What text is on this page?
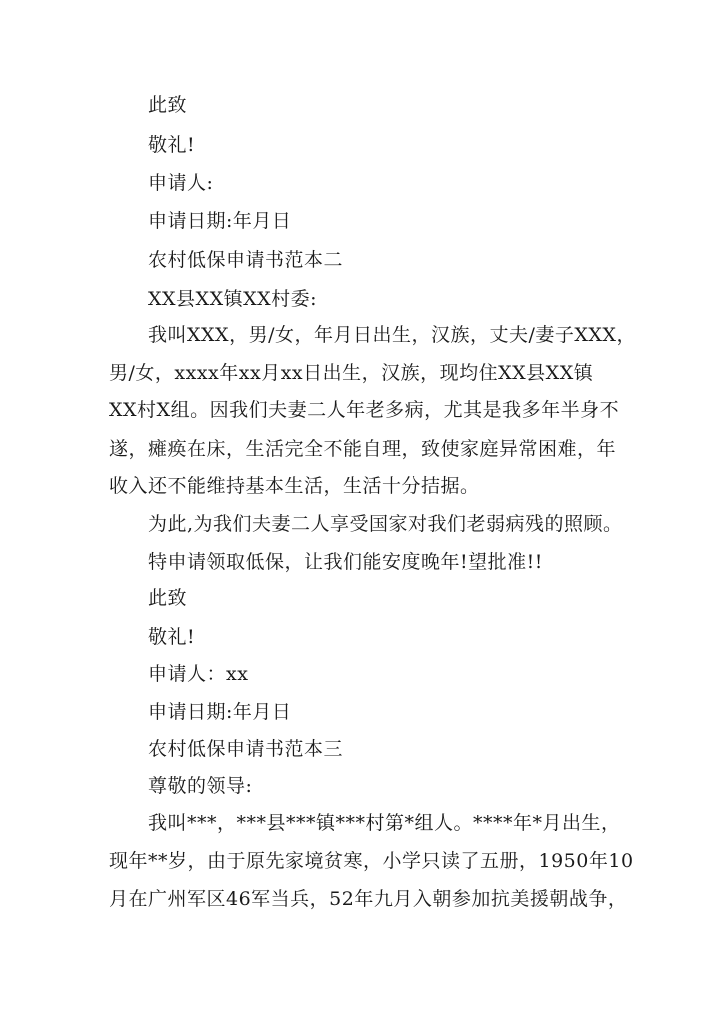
此致

敬礼!

申请人:

申请日期:年月日

农村低保申请书范本二

XX县XX镇XX村委:

我叫XXX，男/女，年月日出生，汉族，丈夫/妻子XXX，

男/女，xxxx年xx月xx日出生，汉族，现均住XX县XX镇

XX村X组。因我们夫妻二人年老多病，尤其是我多年半身不

遂，瘫痪在床，生活完全不能自理，致使家庭异常困难，年

收入还不能维持基本生活，生活十分拮据。

为此,为我们夫妻二人享受国家对我们老弱病残的照顾。

特申请领取低保，让我们能安度晚年!望批准!!

此致

敬礼!

申请人：xx

申请日期:年月日

农村低保申请书范本三

尊敬的领导:

我叫***，***县***镇***村第*组人。****年*月出生，

现年**岁，由于原先家境贫寒，小学只读了五册，1950年10

月在广州军区46军当兵，52年九月入朝参加抗美援朝战争，
